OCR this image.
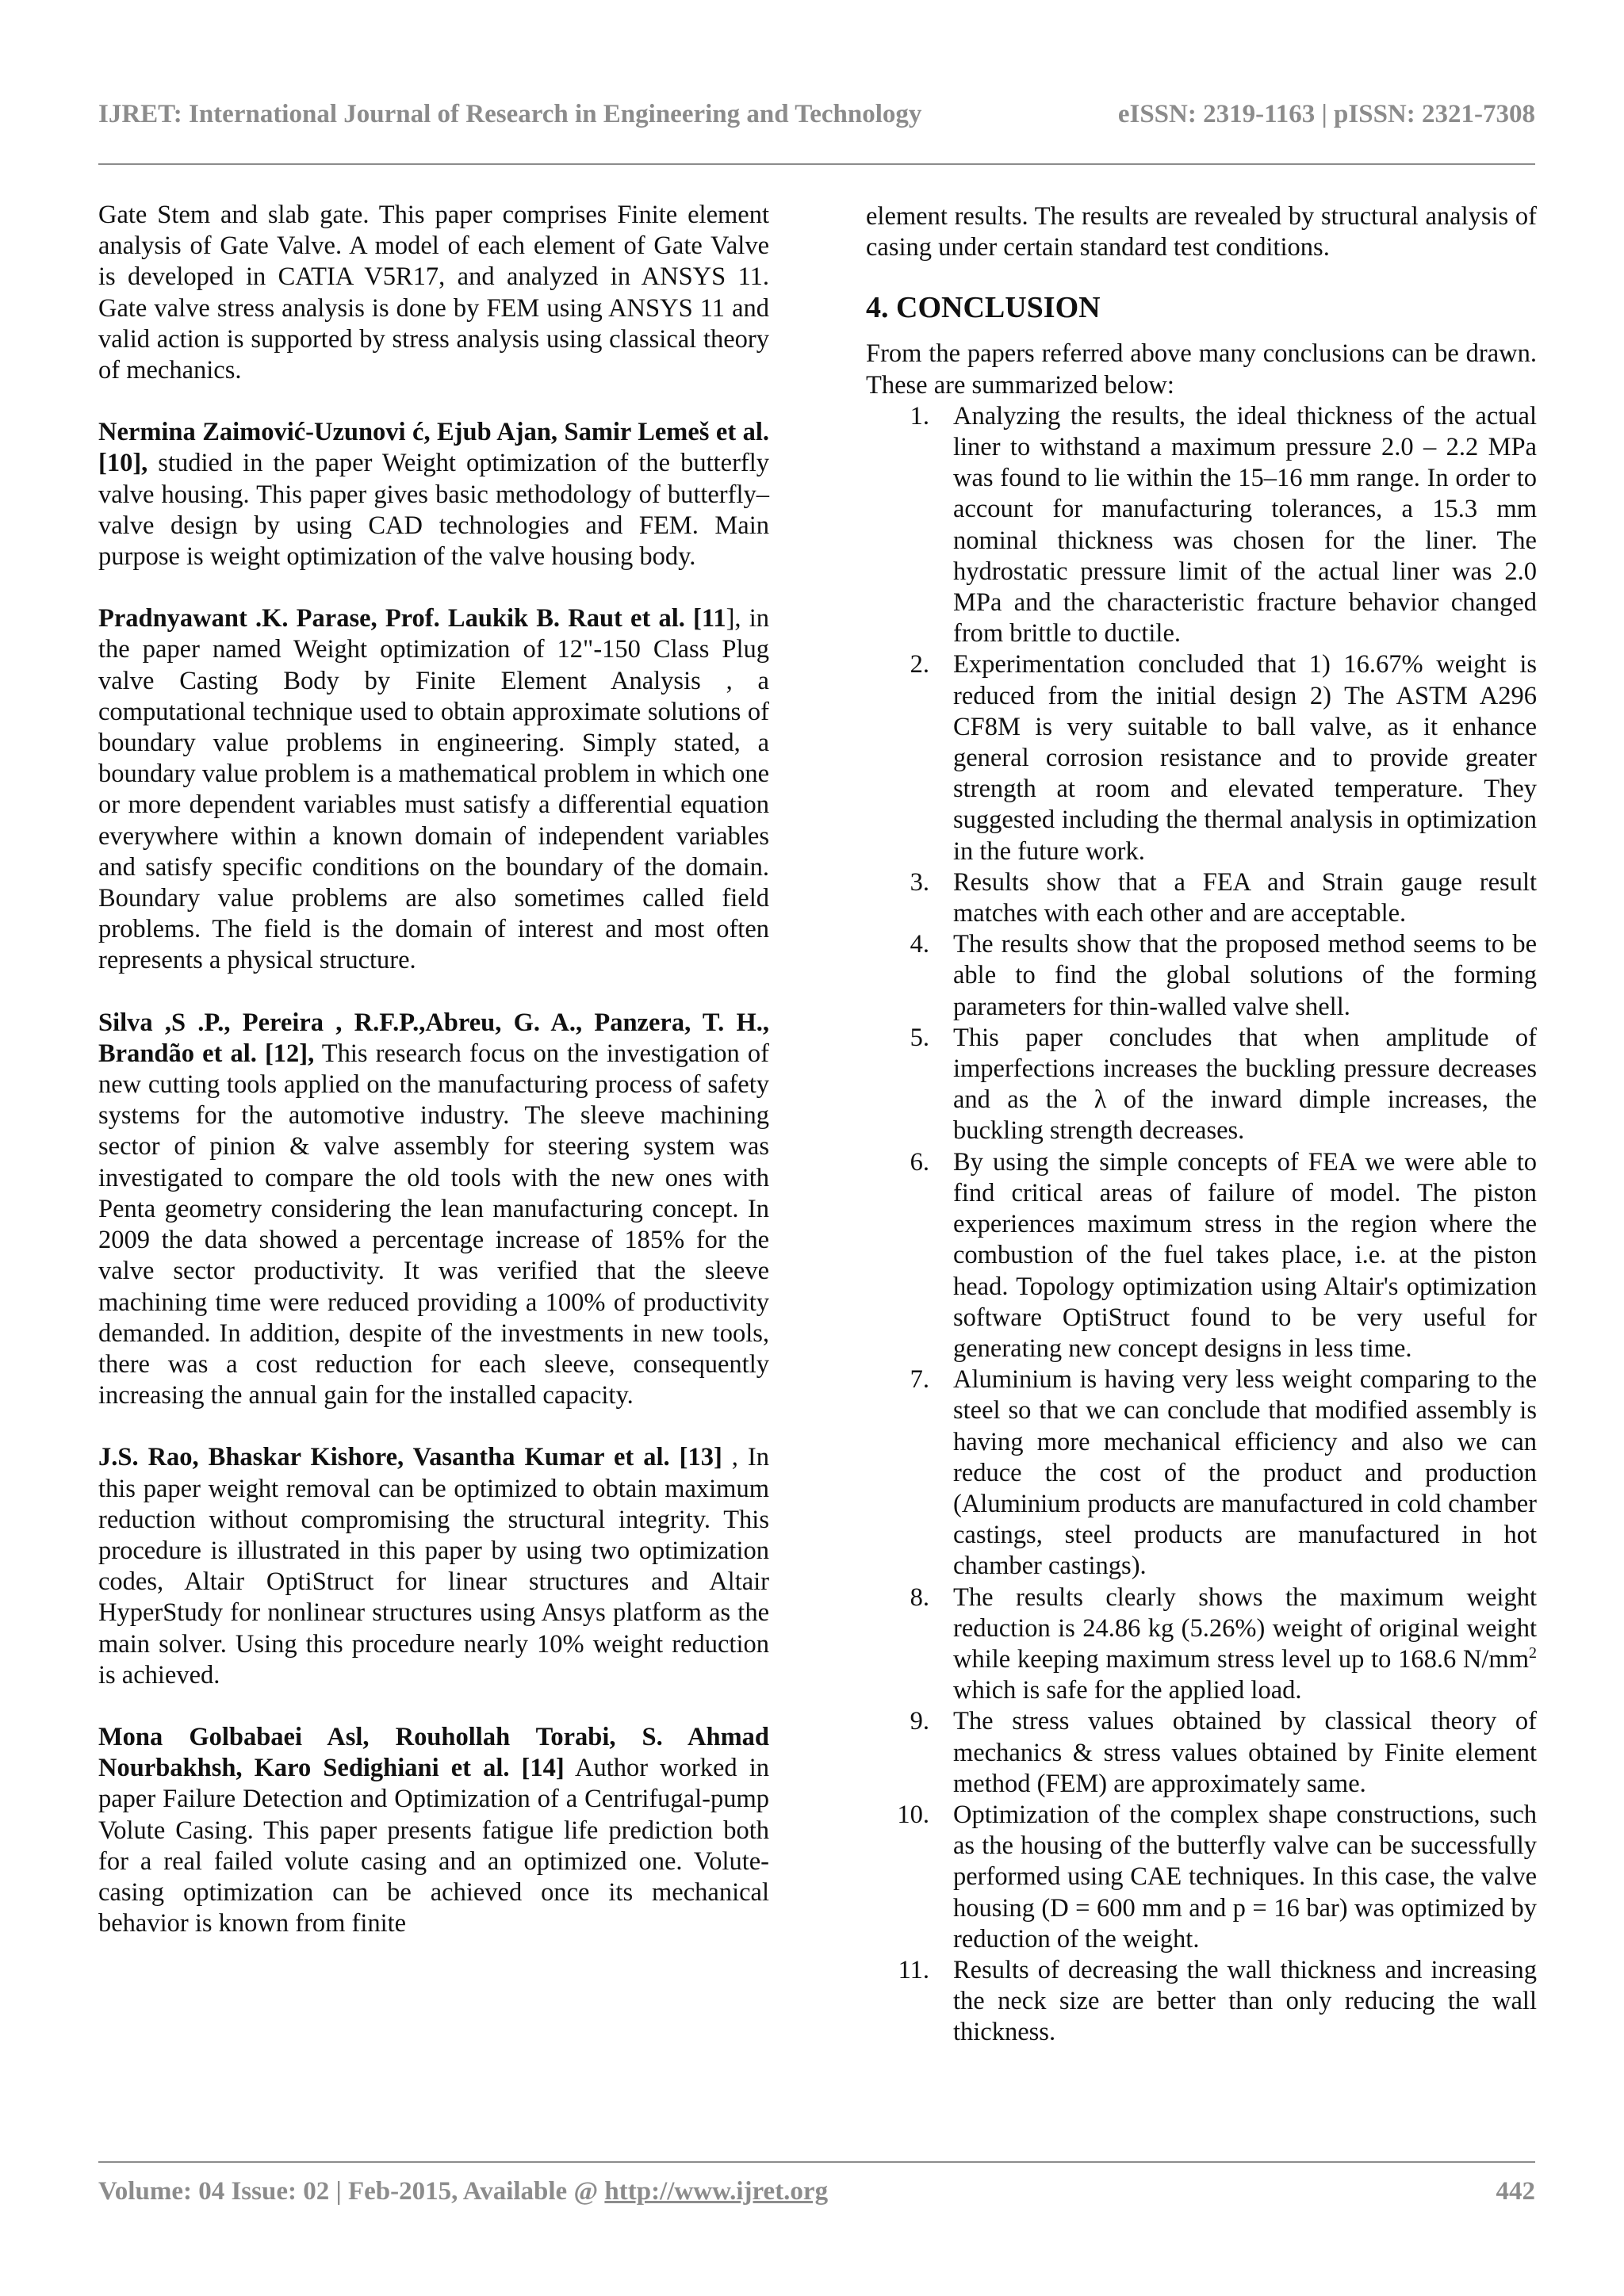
IJRET: International Journal of Research in Engineering and Technology	eISSN: 2319-1163 | pISSN: 2321-7308

Gate Stem and slab gate. This paper comprises Finite element analysis of Gate Valve. A model of each element of Gate Valve is developed in CATIA V5R17, and analyzed in ANSYS 11. Gate valve stress analysis is done by FEM using ANSYS 11 and valid action is supported by stress analysis using classical theory of mechanics.

Nermina Zaimović-Uzunovi ć, Ejub Ajan, Samir Lemeš et al. [10], studied in the paper Weight optimization of the butterfly valve housing. This paper gives basic methodology of butterfly–valve design by using CAD technologies and FEM. Main purpose is weight optimization of the valve housing body.

Pradnyawant .K. Parase, Prof. Laukik B. Raut et al. [11], in the paper named Weight optimization of 12"-150 Class Plug valve Casting Body by Finite Element Analysis , a computational technique used to obtain approximate solutions of boundary value problems in engineering. Simply stated, a boundary value problem is a mathematical problem in which one or more dependent variables must satisfy a differential equation everywhere within a known domain of independent variables and satisfy specific conditions on the boundary of the domain. Boundary value problems are also sometimes called field problems. The field is the domain of interest and most often represents a physical structure.

Silva ,S .P., Pereira , R.F.P.,Abreu, G. A., Panzera, T. H., Brandão et al. [12], This research focus on the investigation of new cutting tools applied on the manufacturing process of safety systems for the automotive industry. The sleeve machining sector of pinion & valve assembly for steering system was investigated to compare the old tools with the new ones with Penta geometry considering the lean manufacturing concept. In 2009 the data showed a percentage increase of 185% for the valve sector productivity. It was verified that the sleeve machining time were reduced providing a 100% of productivity demanded. In addition, despite of the investments in new tools, there was a cost reduction for each sleeve, consequently increasing the annual gain for the installed capacity.

J.S. Rao, Bhaskar Kishore, Vasantha Kumar et al. [13] , In this paper weight removal can be optimized to obtain maximum reduction without compromising the structural integrity. This procedure is illustrated in this paper by using two optimization codes, Altair OptiStruct for linear structures and Altair HyperStudy for nonlinear structures using Ansys platform as the main solver. Using this procedure nearly 10% weight reduction is achieved.

Mona Golbabaei Asl, Rouhollah Torabi, S. Ahmad Nourbakhsh, Karo Sedighiani et al. [14] Author worked in paper Failure Detection and Optimization of a Centrifugal-pump Volute Casing. This paper presents fatigue life prediction both for a real failed volute casing and an optimized one. Volute-casing optimization can be achieved once its mechanical behavior is known from finite

element results. The results are revealed by structural analysis of casing under certain standard test conditions.

4. CONCLUSION

From the papers referred above many conclusions can be drawn. These are summarized below:

1. Analyzing the results, the ideal thickness of the actual liner to withstand a maximum pressure 2.0 – 2.2 MPa was found to lie within the 15–16 mm range. In order to account for manufacturing tolerances, a 15.3 mm nominal thickness was chosen for the liner. The hydrostatic pressure limit of the actual liner was 2.0 MPa and the characteristic fracture behavior changed from brittle to ductile.
2. Experimentation concluded that 1) 16.67% weight is reduced from the initial design 2) The ASTM A296 CF8M is very suitable to ball valve, as it enhance general corrosion resistance and to provide greater strength at room and elevated temperature. They suggested including the thermal analysis in optimization in the future work.
3. Results show that a FEA and Strain gauge result matches with each other and are acceptable.
4. The results show that the proposed method seems to be able to find the global solutions of the forming parameters for thin-walled valve shell.
5. This paper concludes that when amplitude of imperfections increases the buckling pressure decreases and as the λ of the inward dimple increases, the buckling strength decreases.
6. By using the simple concepts of FEA we were able to find critical areas of failure of model. The piston experiences maximum stress in the region where the combustion of the fuel takes place, i.e. at the piston head. Topology optimization using Altair's optimization software OptiStruct found to be very useful for generating new concept designs in less time.
7. Aluminium is having very less weight comparing to the steel so that we can conclude that modified assembly is having more mechanical efficiency and also we can reduce the cost of the product and production (Aluminium products are manufactured in cold chamber castings, steel products are manufactured in hot chamber castings).
8. The results clearly shows the maximum weight reduction is 24.86 kg (5.26%) weight of original weight while keeping maximum stress level up to 168.6 $N/mm^2$ which is safe for the applied load.
9. The stress values obtained by classical theory of mechanics & stress values obtained by Finite element method (FEM) are approximately same.
10. Optimization of the complex shape constructions, such as the housing of the butterfly valve can be successfully performed using CAE techniques. In this case, the valve housing (D = 600 mm and p = 16 bar) was optimized by reduction of the weight.
11. Results of decreasing the wall thickness and increasing the neck size are better than only reducing the wall thickness.
Volume: 04 Issue: 02 | Feb-2015, Available @ http://www.ijret.org	442
